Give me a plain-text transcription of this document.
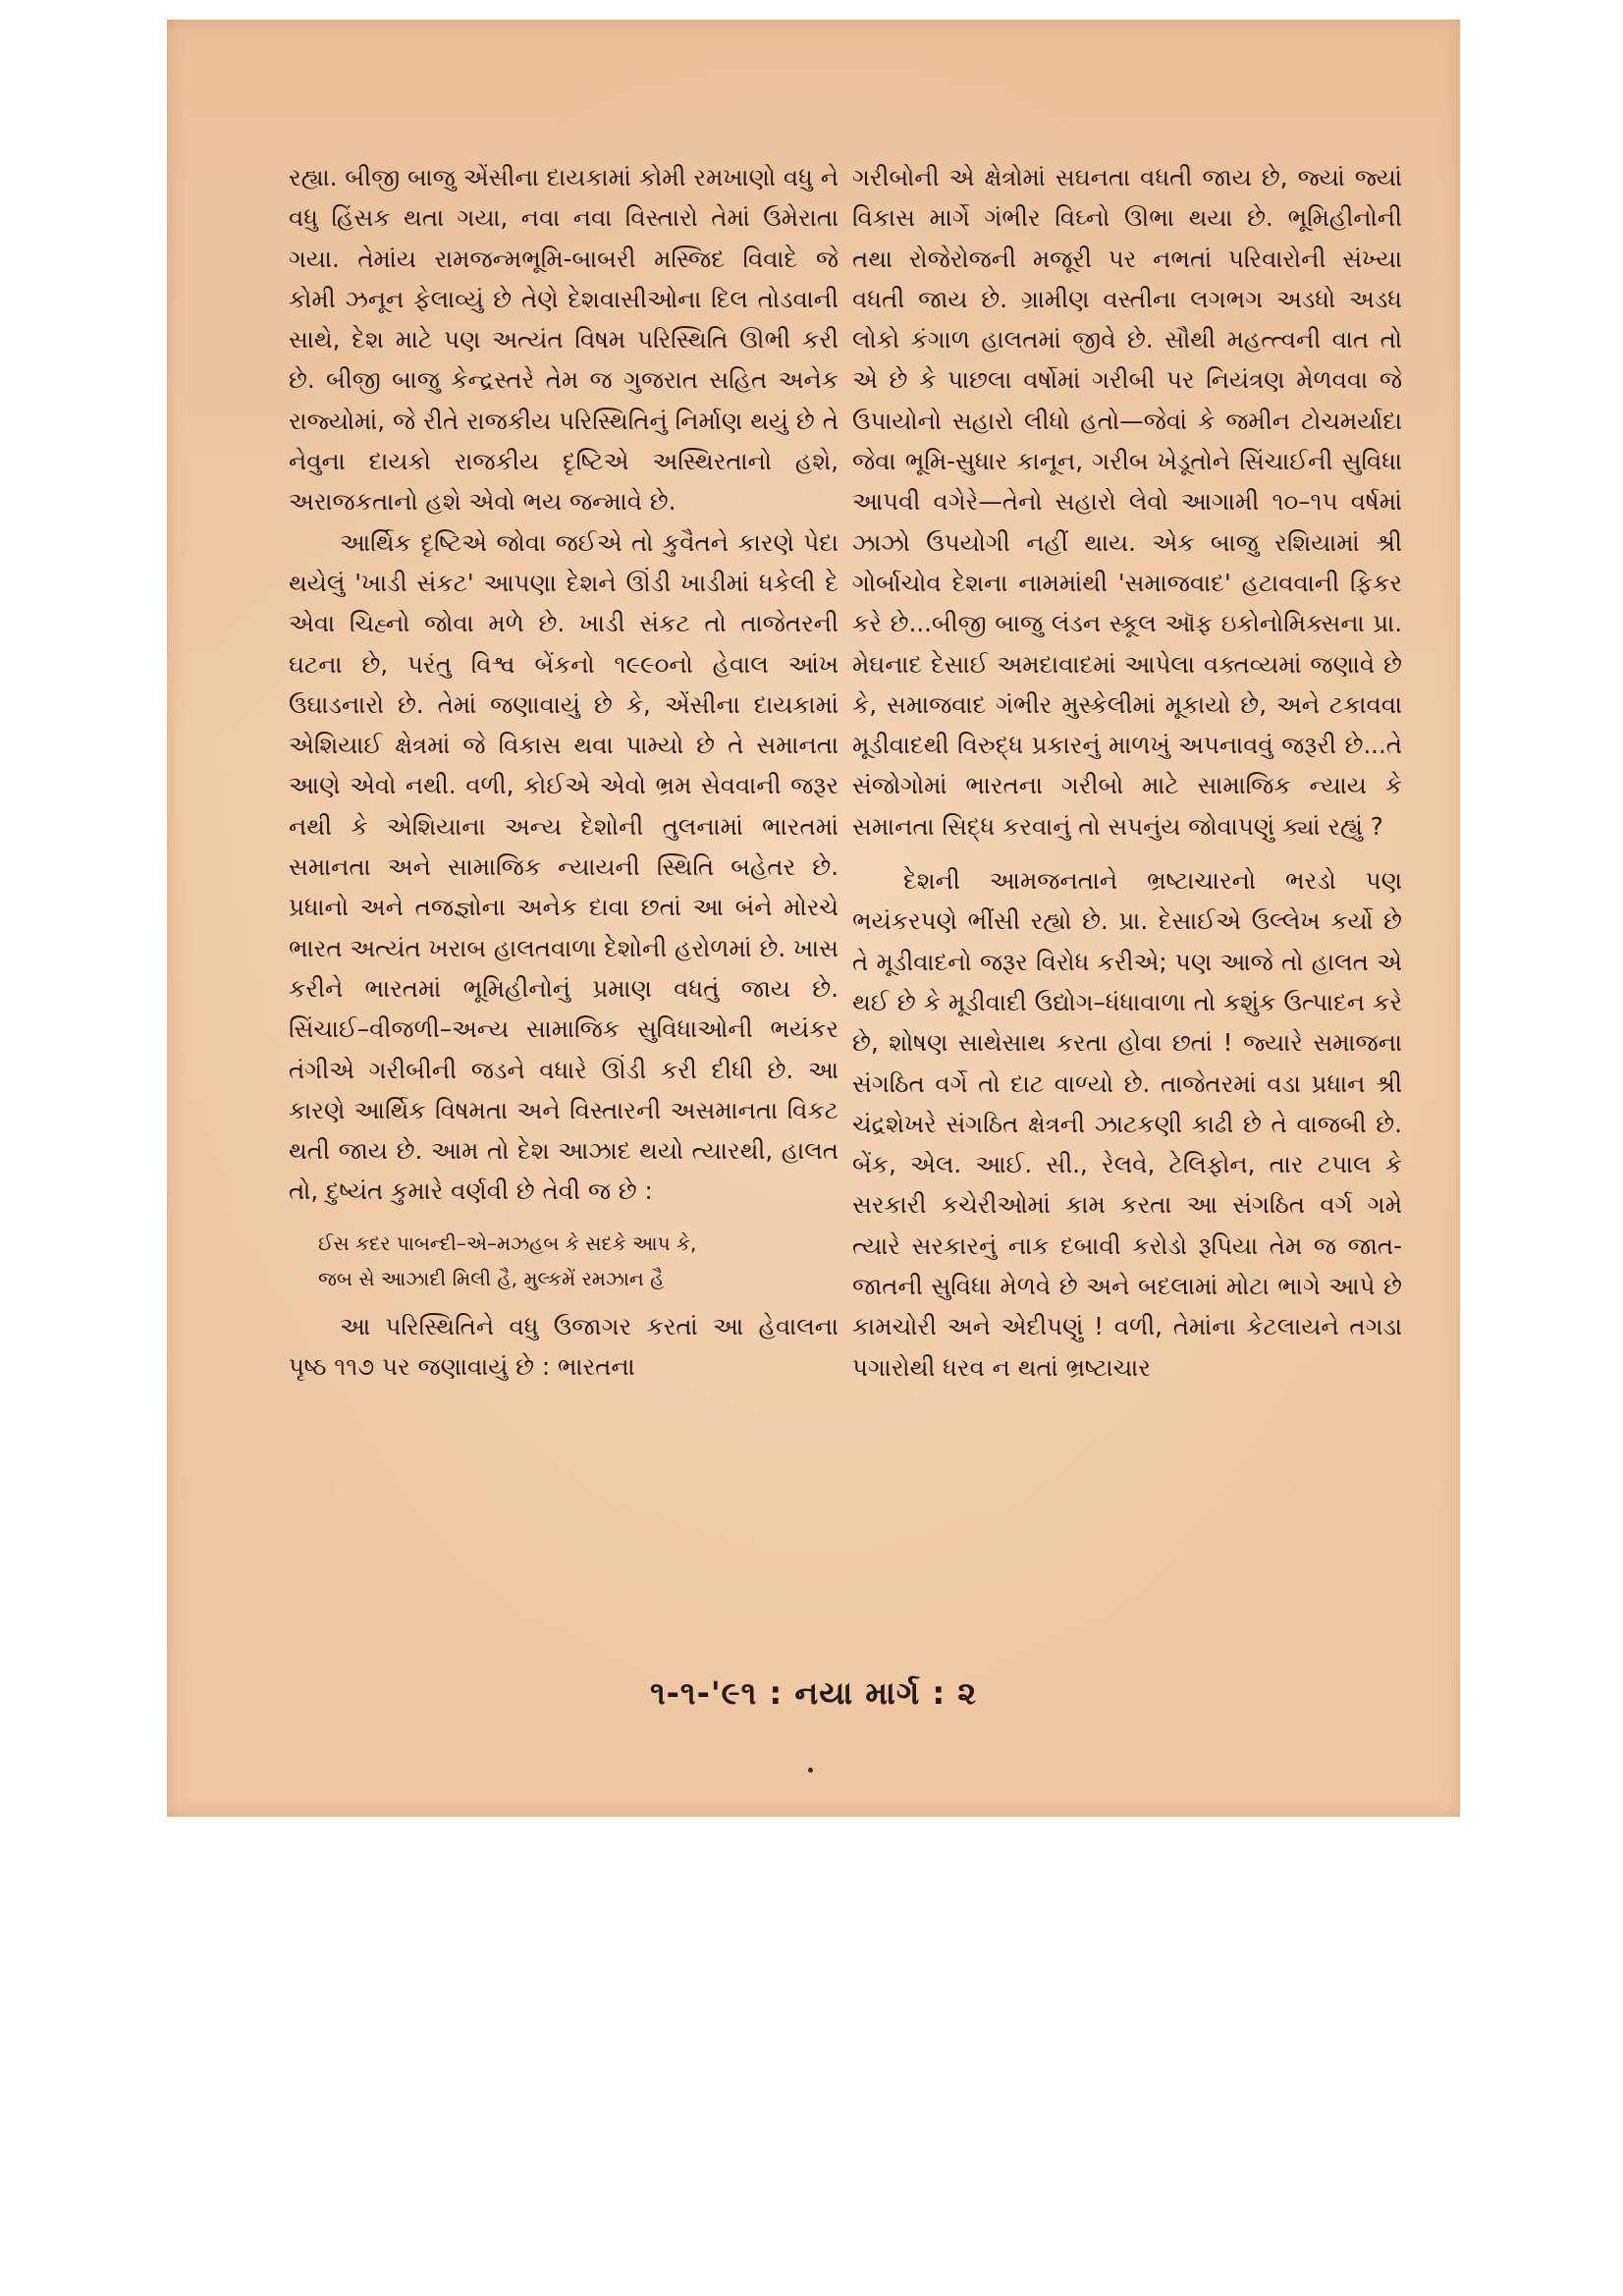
રહ્યા. બીજી બાજુ એંસીના દાયકામાં કોમી રમખાણો વધુ ને વધુ હિંસક થતા ગયા, નવા નવા વિસ્તારો તેમાં ઉમેરાતા ગયા. તેમાંય રામજન્મભૂમિ-બાબરી મસ્જિદ વિવાદે જે કોમી ઝનૂન ફેલાવ્યું છે તેણે દેશવાસીઓના દિલ તોડવાની સાથે, દેશ માટે પણ અત્યંત વિષમ પરિસ્થિતિ ઊભી કરી છે. બીજી બાજુ કેન્દ્રસ્તરે તેમ જ ગુજરાત સહિત અનેક રાજ્યોમાં, જે રીતે રાજકીય પરિસ્થિતિનું નિર્માણ થયું છે તે નેવુના દાયકો રાજકીય દૃષ્ટિએ અસ્થિરતાનો હશે, અરાજકતાનો હશે એવો ભય જન્માવે છે.

આર્થિક દૃષ્ટિએ જોવા જઈએ તો કુવૈતને કારણે પેદા થયેલું 'ખાડી સંકટ' આપણા દેશને ઊંડી ખાડીમાં ધકેલી દે એવા ચિહ્નો જોવા મળે છે. ખાડી સંકટ તો તાજેતરની ઘટના છે, પરંતુ વિશ્વ બેંકનો ૧૯૯૦નો હેવાલ આંખ ઉઘાડનારો છે. તેમાં જણાવાયું છે કે, એંસીના દાયકામાં એશિયાઈ ક્ષેત્રમાં જે વિકાસ થવા પામ્યો છે તે સમાનતા આણે એવો નથી. વળી, કોઈએ એવો ભ્રમ સેવવાની જરૂર નથી કે એશિયાના અન્ય દેશોની તુલનામાં ભારતમાં સમાનતા અને સામાજિક ન્યાયની સ્થિતિ બહેતર છે. પ્રધાનો અને તજજ્ઞોના અનેક દાવા છતાં આ બંને મોરચે ભારત અત્યંત ખરાબ હાલતવાળા દેશોની હરોળમાં છે. ખાસ કરીને ભારતમાં ભૂમિહીનોનું પ્રમાણ વધતું જાય છે. સિંચાઈ–વીજળી–અન્ય સામાજિક સુવિધાઓની ભયંકર તંગીએ ગરીબીની જડને વધારે ઊંડી કરી દીધી છે. આ કારણે આર્થિક વિષમતા અને વિસ્તારની અસમાનતા વિકટ થતી જાય છે. આમ તો દેશ આઝાદ થયો ત્યારથી, હાલત તો, દુષ્યંત કુમારે વર્ણવી છે તેવી જ છે :

ઈસ કદર પાબન્દી–એ–મઝહબ કે સદકે આપ કે,
જબ સે આઝાદી મિલી હૈ, મુલ્કમેં રમઝાન હૈ

આ પરિસ્થિતિને વધુ ઉજાગર કરતાં આ હેવાલના પૃષ્ઠ ૧૧૭ પર જણાવાયું છે : ભારતના

ગરીબોની એ ક્ષેત્રોમાં સઘનતા વધતી જાય છે, જ્યાં જ્યાં વિકાસ માર્ગે ગંભીર વિઘ્નો ઊભા થયા છે. ભૂમિહીનોની તથા રોજેરોજની મજૂરી પર નભતાં પરિવારોની સંખ્યા વધતી જાય છે. ગ્રામીણ વસ્તીના લગભગ અડધો અડધ લોકો કંગાળ હાલતમાં જીવે છે. સૌથી મહત્ત્વની વાત તો એ છે કે પાછલા વર્ષોમાં ગરીબી પર નિયંત્રણ મેળવવા જે ઉપાયોનો સહારો લીધો હતો—જેવાં કે જમીન ટોચમર્યાદા જેવા ભૂમિ-સુધાર કાનૂન, ગરીબ ખેડૂતોને સિંચાઈની સુવિધા આપવી વગેરે—તેનો સહારો લેવો આગામી ૧૦–૧૫ વર્ષમાં ઝાઝો ઉપયોગી નહીં થાય. એક બાજુ રશિયામાં શ્રી ગોર્બાચોવ દેશના નામમાંથી 'સમાજવાદ' હટાવવાની ફિકર કરે છે...બીજી બાજુ લંડન સ્કૂલ ઑફ ઇકોનોમિક્સના પ્રા. મેઘનાદ દેસાઈ અમદાવાદમાં આપેલા વક્તવ્યમાં જણાવે છે કે, સમાજવાદ ગંભીર મુસ્કેલીમાં મૂકાયો છે, અને ટકાવવા મૂડીવાદથી વિરુદ્ધ પ્રકારનું માળખું અપનાવવું જરૂરી છે...તે સંજોગોમાં ભારતના ગરીબો માટે સામાજિક ન્યાય કે સમાનતા સિદ્ધ કરવાનું તો સપનુંય જોવાપણું ક્યાં રહ્યું ?

દેશની આમજનતાને ભ્રષ્ટાચારનો ભરડો પણ ભયંકરપણે ભીંસી રહ્યો છે. પ્રા. દેસાઈએ ઉલ્લેખ કર્યો છે તે મૂડીવાદનો જરૂર વિરોધ કરીએ; પણ આજે તો હાલત એ થઈ છે કે મૂડીવાદી ઉદ્યોગ–ધંધાવાળા તો કશુંક ઉત્પાદન કરે છે, શોષણ સાથેસાથ કરતા હોવા છતાં ! જ્યારે સમાજના સંગઠિત વર્ગે તો દાટ વાળ્યો છે. તાજેતરમાં વડા પ્રધાન શ્રી ચંદ્રશેખરે સંગઠિત ક્ષેત્રની ઝાટકણી કાઢી છે તે વાજબી છે. બેંક, એલ. આઈ. સી., રેલવે, ટેલિફોન, તાર ટપાલ કે સરકારી કચેરીઓમાં કામ કરતા આ સંગઠિત વર્ગ ગમે ત્યારે સરકારનું નાક દબાવી કરોડો રૂપિયા તેમ જ જાત-જાતની સુવિધા મેળવે છે અને બદલામાં મોટા ભાગે આપે છે કામચોરી અને એદીપણું ! વળી, તેમાંના કેટલાયને તગડા પગારોથી ધરવ ન થતાં ભ્રષ્ટાચાર

૧-૧-'૯૧ : નયા માર્ગ : ૨
